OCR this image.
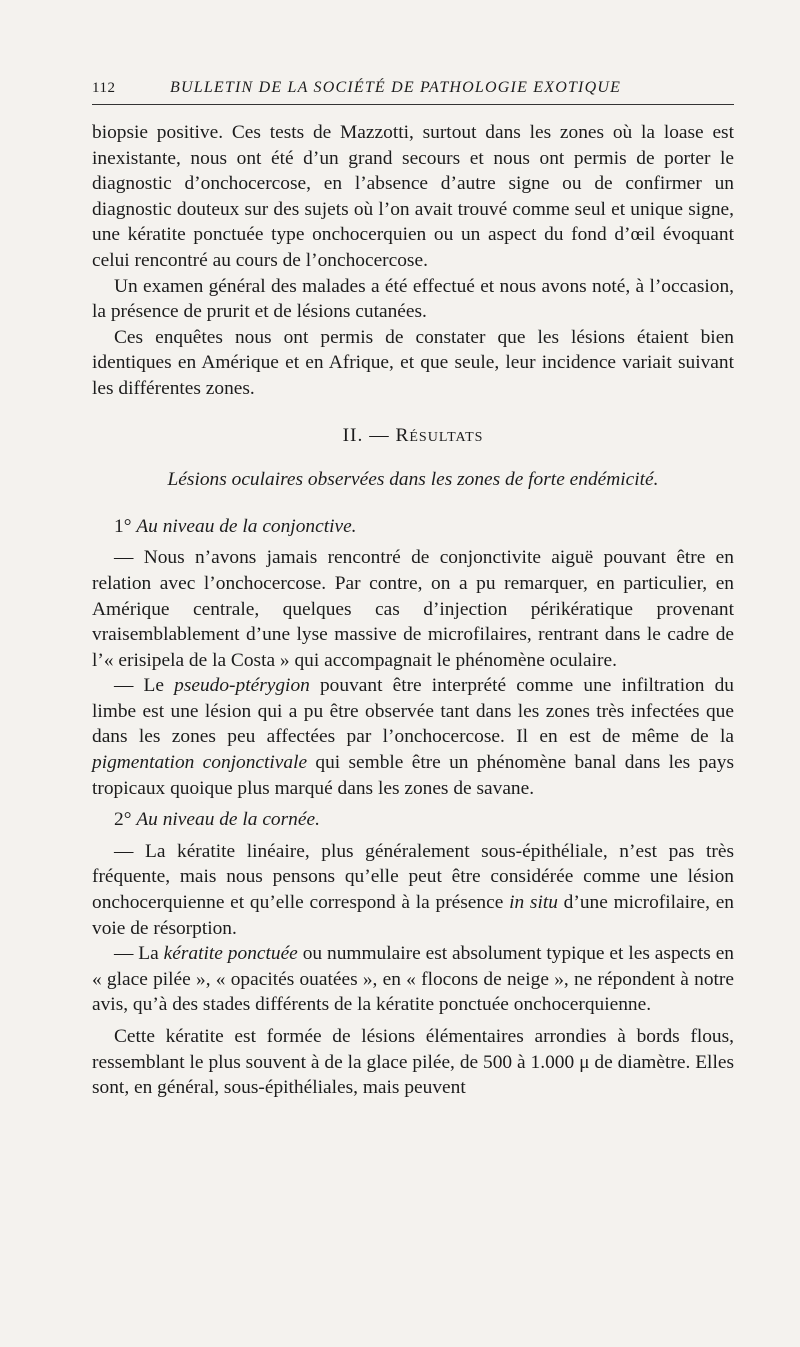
112	BULLETIN DE LA SOCIÉTÉ DE PATHOLOGIE EXOTIQUE

biopsie positive. Ces tests de Mazzotti, surtout dans les zones où la loase est inexistante, nous ont été d’un grand secours et nous ont permis de porter le diagnostic d’onchocercose, en l’absence d’autre signe ou de confirmer un diagnostic douteux sur des sujets où l’on avait trouvé comme seul et unique signe, une kératite ponctuée type onchocerquien ou un aspect du fond d’œil évoquant celui rencontré au cours de l’onchocercose.

Un examen général des malades a été effectué et nous avons noté, à l’occasion, la présence de prurit et de lésions cutanées.

Ces enquêtes nous ont permis de constater que les lésions étaient bien identiques en Amérique et en Afrique, et que seule, leur incidence variait suivant les différentes zones.

II. — Résultats

Lésions oculaires observées dans les zones de forte endémicité.

1° Au niveau de la conjonctive.

— Nous n’avons jamais rencontré de conjonctivite aiguë pouvant être en relation avec l’onchocercose. Par contre, on a pu remarquer, en particulier, en Amérique centrale, quelques cas d’injection périkératique provenant vraisemblablement d’une lyse massive de microfilaires, rentrant dans le cadre de l’« erisipela de la Costa » qui accompagnait le phénomène oculaire.

— Le pseudo-ptérygion pouvant être interprété comme une infiltration du limbe est une lésion qui a pu être observée tant dans les zones très infectées que dans les zones peu affectées par l’onchocercose. Il en est de même de la pigmentation conjonctivale qui semble être un phénomène banal dans les pays tropicaux quoique plus marqué dans les zones de savane.

2° Au niveau de la cornée.

— La kératite linéaire, plus généralement sous-épithéliale, n’est pas très fréquente, mais nous pensons qu’elle peut être considérée comme une lésion onchocerquienne et qu’elle correspond à la présence in situ d’une microfilaire, en voie de résorption.

— La kératite ponctuée ou nummulaire est absolument typique et les aspects en « glace pilée », « opacités ouatées », en « flocons de neige », ne répondent à notre avis, qu’à des stades différents de la kératite ponctuée onchocerquienne.

Cette kératite est formée de lésions élémentaires arrondies à bords flous, ressemblant le plus souvent à de la glace pilée, de 500 à 1.000 μ de diamètre. Elles sont, en général, sous-épithéliales, mais peuvent
